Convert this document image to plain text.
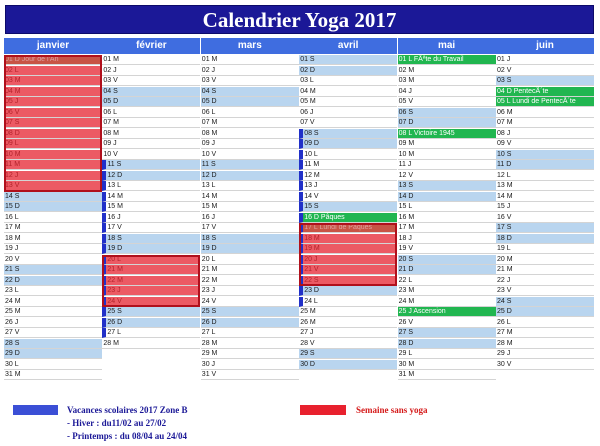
Calendrier Yoga 2017
janvier
01 D Jour de l'An
02 L
03 M
04 M
05 J
06 V
07 S
08 D
09 L
10 M
11 M
12 J
13 V
14 S
15 D
16 L
17 M
18 M
19 J
20 V
21 S
22 D
23 L
24 M
25 M
26 J
27 V
28 S
29 D
30 L
31 M
février
01 M
02 J
03 V
04 S
05 D
06 L
07 M
08 M
09 J
10 V
11 S
12 D
13 L
14 M
15 M
16 J
17 V
18 S
19 D
20 L
21 M
22 M
23 J
24 V
25 S
26 D
27 L
28 M
mars
01 M
02 J
03 V
04 S
05 D
06 L
07 M
08 M
09 J
10 V
11 S
12 D
13 L
14 M
15 M
16 J
17 V
18 S
19 D
20 L
21 M
22 M
23 J
24 V
25 S
26 D
27 L
28 M
29 M
30 J
31 V
avril
01 S
02 D
03 L
04 M
05 M
06 J
07 V
08 S
09 D
10 L
11 M
12 M
13 J
14 V
15 S
16 D Pâques
17 L Lundi de Pâques
18 M
19 M
20 J
21 V
22 S
23 D
24 L
25 M
26 M
27 J
28 V
29 S
30 D
mai
01 L FÃªte du Travail
02 M
03 M
04 J
05 V
06 S
07 D
08 L Victoire 1945
09 M
10 M
11 J
12 V
13 S
14 D
15 L
16 M
17 M
18 J
19 V
20 S
21 D
22 L
23 M
24 M
25 J Ascension
26 V
27 S
28 D
29 L
30 M
31 M
juin
01 J
02 V
03 S
04 D PentecÃ´te
05 L Lundi de PentecÃ´te
06 M
07 M
08 J
09 V
10 S
11 D
12 L
13 M
14 M
15 J
16 V
17 S
18 D
19 L
20 M
21 M
22 J
23 V
24 S
25 D
26 L
27 M
28 M
29 J
30 V
Vacances scolaires 2017 Zone B
- Hiver : du11/02 au 27/02
- Printemps : du 08/04 au 24/04
Semaine sans yoga
